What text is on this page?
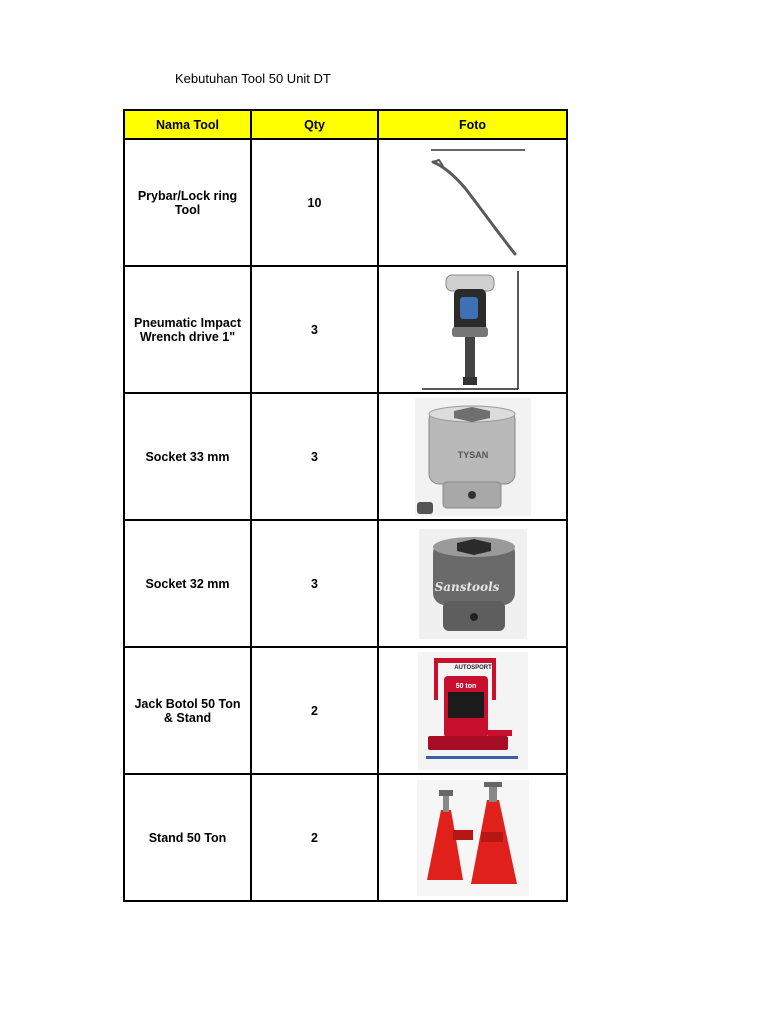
Kebutuhan Tool 50 Unit DT
Nama Tool	Qty	Foto
Prybar/Lock ring Tool	10	

Pneumatic Impact Wrench drive 1"	3	

Socket 33 mm	3	TYSAN

Socket 32 mm	3	Sanstools

Jack Botol 50 Ton & Stand	2	AUTOSPORT
50 ton

Stand 50 Ton	2	
